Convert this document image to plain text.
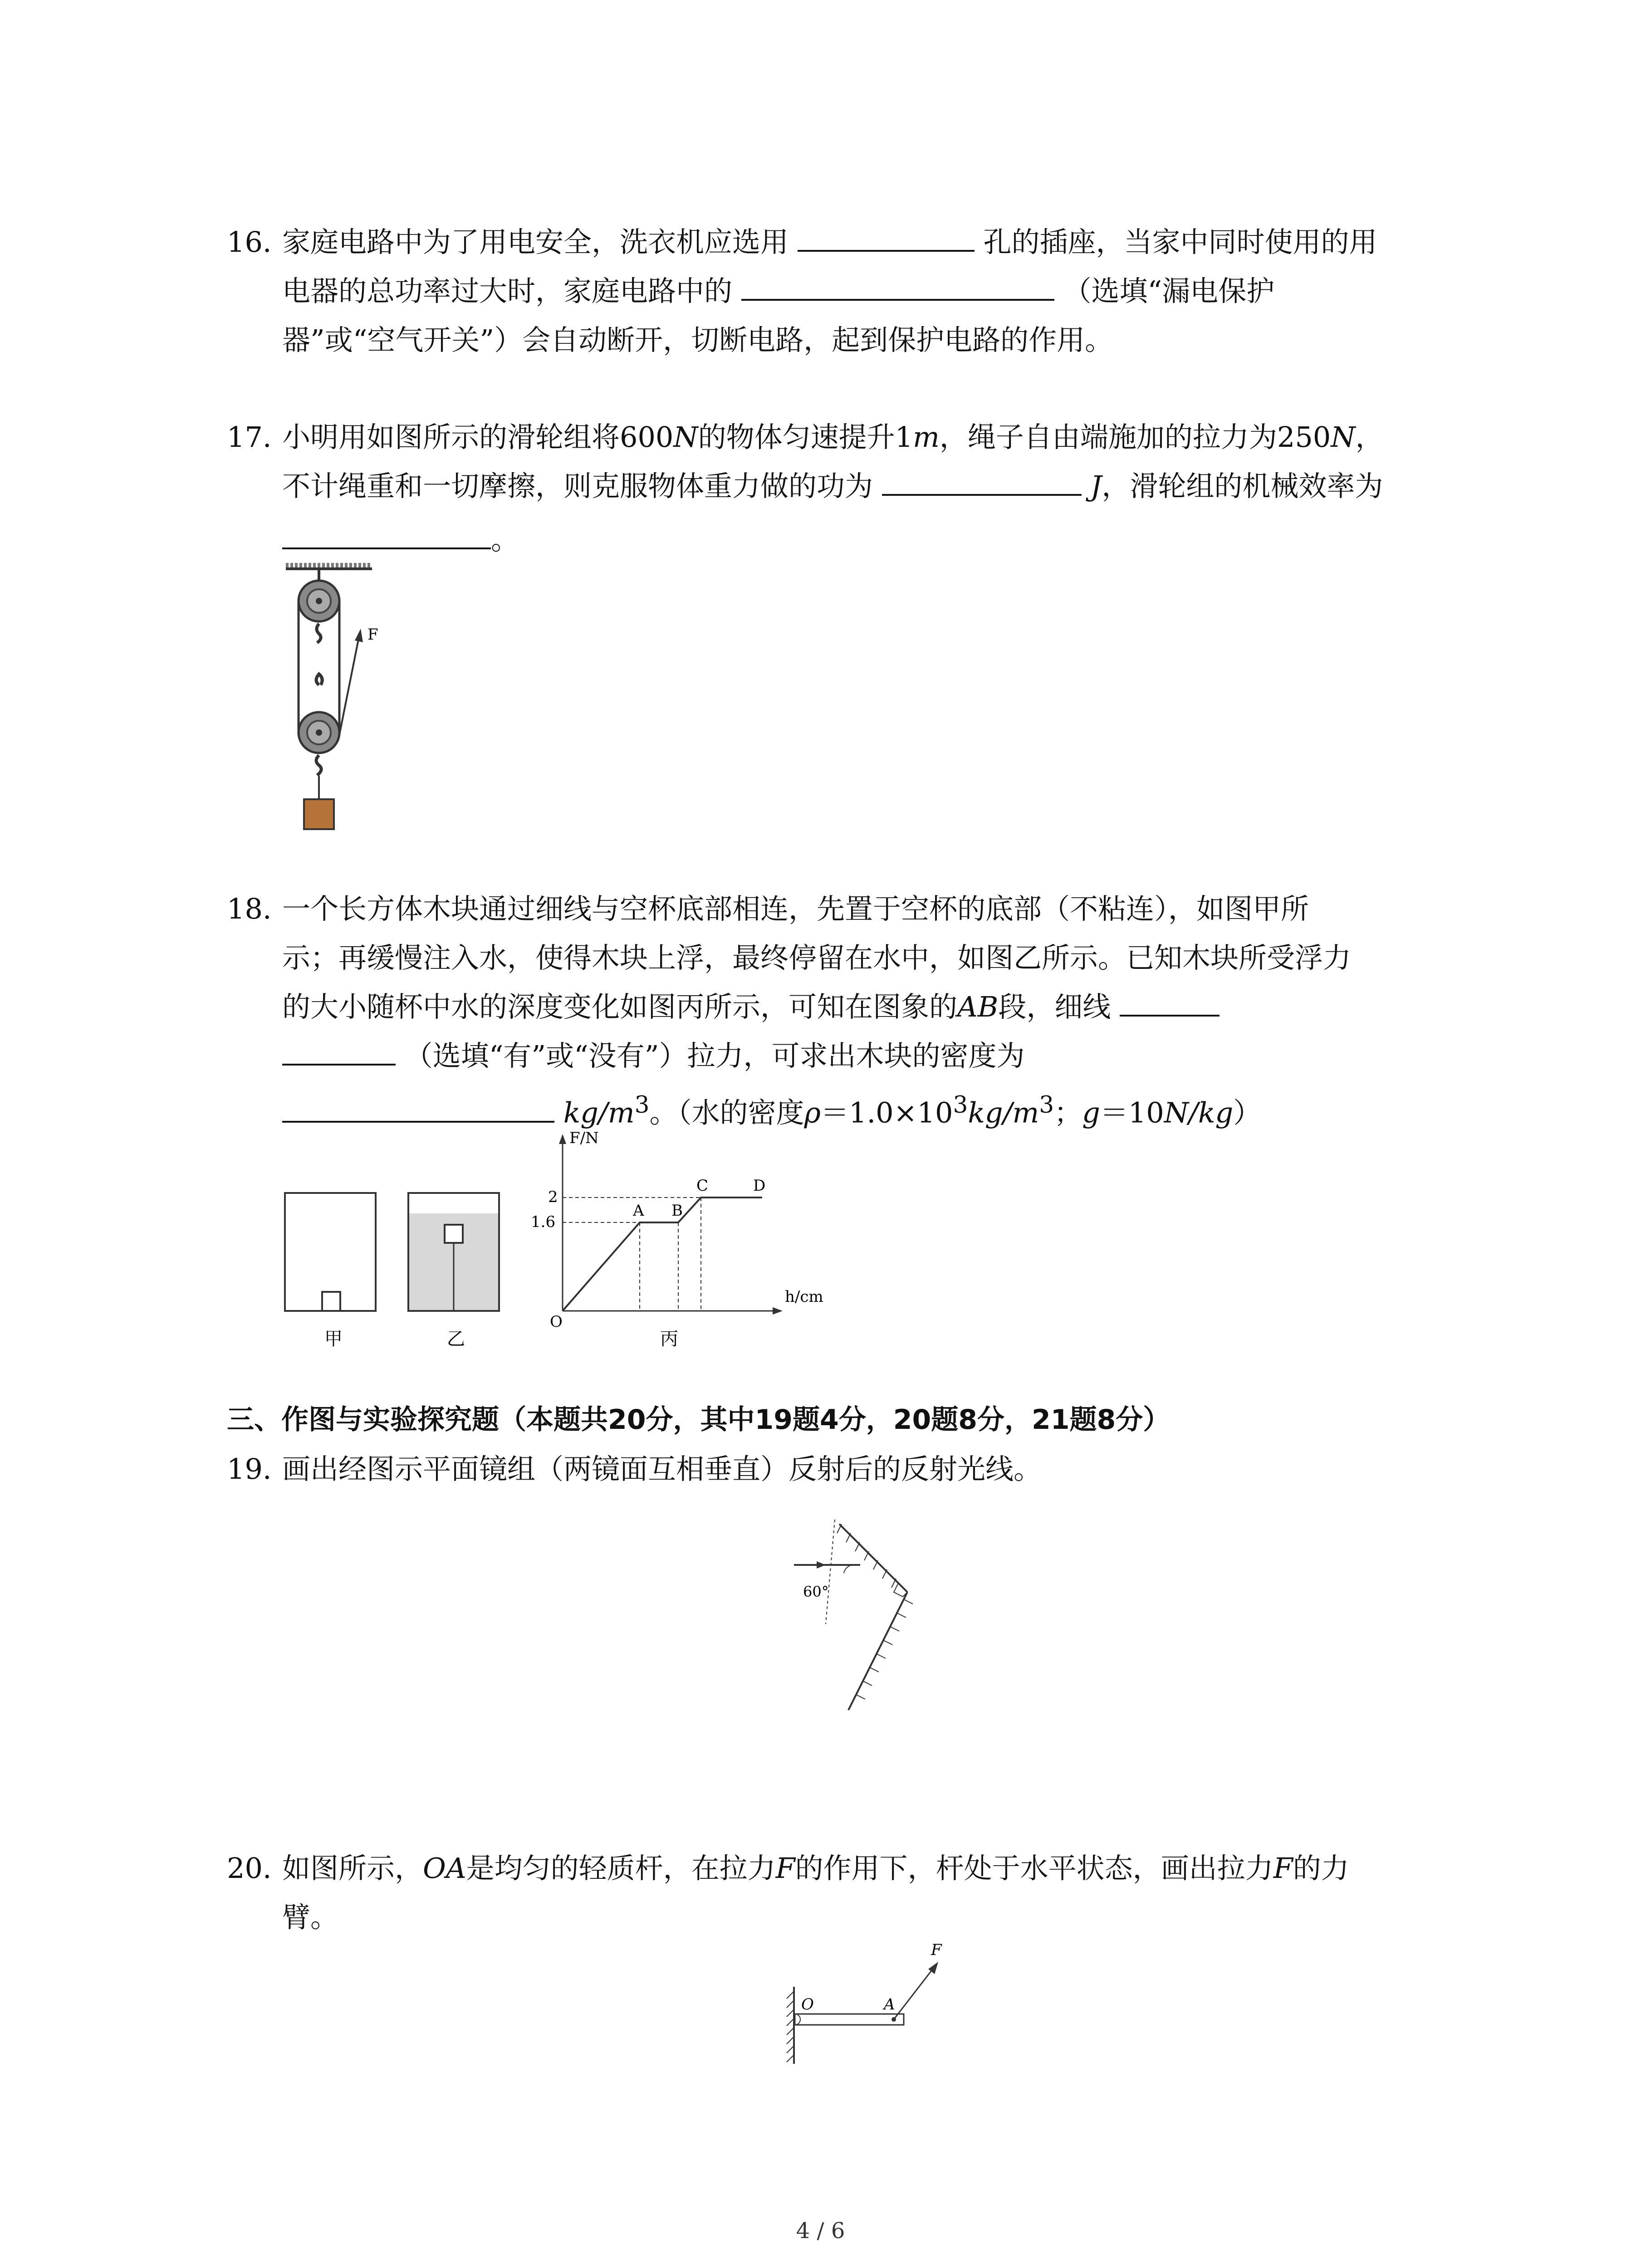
16. 家庭电路中为了用电安全，洗衣机应选用	孔的插座，当家中同时使用的用
电器的总功率过大时，家庭电路中的	（选填“漏电保护
器”或“空气开关”）会自动断开，切断电路，起到保护电路的作用。
17. 小明用如图所示的滑轮组将600N的物体匀速提升1m，绳子自由端施加的拉力为250N，
不计绳重和一切摩擦，则克服物体重力做的功为	J，滑轮组的机械效率为
。
F
18. 一个长方体木块通过细线与空杯底部相连，先置于空杯的底部（不粘连），如图甲所
示；再缓慢注入水，使得木块上浮，最终停留在水中，如图乙所示。已知木块所受浮力
的大小随杯中水的深度变化如图丙所示，可知在图象的AB段，细线
（选填“有”或“没有”）拉力，可求出木块的密度为
$kg/m^3$。（水的密度$\rho=1.0\times 10^3kg/m^3$；g＝10N/kg）
甲	乙
F/N
h/cm
O
2
1.6
A B
C	D
丙
三、作图与实验探究题（本题共20分，其中19题4分，20题8分，21题8分）
19. 画出经图示平面镜组（两镜面互相垂直）反射后的反射光线。
60°
20. 如图所示，OA是均匀的轻质杆，在拉力F的作用下，杆处于水平状态，画出拉力F的力
臂。
O	A
F
4 / 6
